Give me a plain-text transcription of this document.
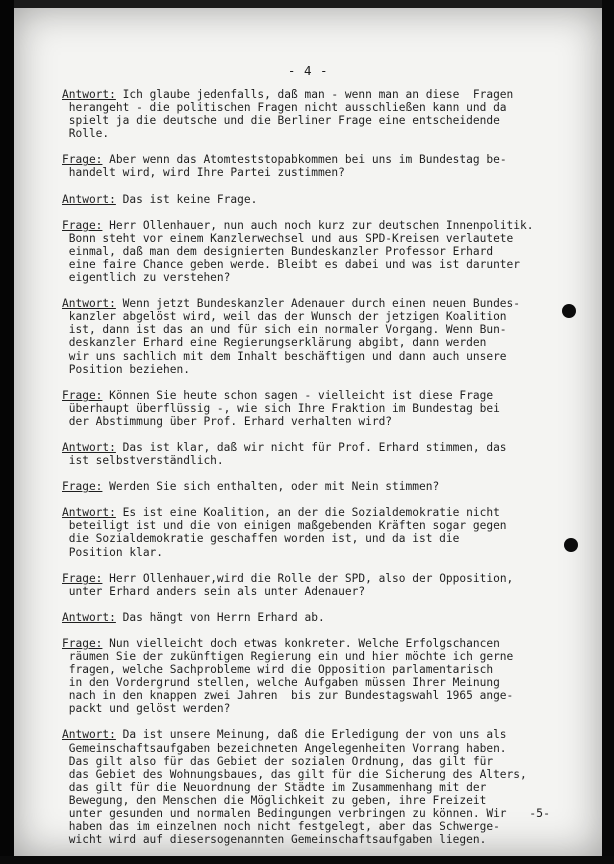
- 4 -
Antwort: Ich glaube jedenfalls, daß man - wenn man an diese  Fragen
herangeht - die politischen Fragen nicht ausschließen kann und da
spielt ja die deutsche und die Berliner Frage eine entscheidende
Rolle.
Frage: Aber wenn das Atomteststopabkommen bei uns im Bundestag be-
handelt wird, wird Ihre Partei zustimmen?
Antwort: Das ist keine Frage.
Frage: Herr Ollenhauer, nun auch noch kurz zur deutschen Innenpolitik.
Bonn steht vor einem Kanzlerwechsel und aus SPD-Kreisen verlautete
einmal, daß man dem designierten Bundeskanzler Professor Erhard
eine faire Chance geben werde. Bleibt es dabei und was ist darunter
eigentlich zu verstehen?
Antwort: Wenn jetzt Bundeskanzler Adenauer durch einen neuen Bundes-
kanzler abgelöst wird, weil das der Wunsch der jetzigen Koalition
ist, dann ist das an und für sich ein normaler Vorgang. Wenn Bun-
deskanzler Erhard eine Regierungserklärung abgibt, dann werden
wir uns sachlich mit dem Inhalt beschäftigen und dann auch unsere
Position beziehen.
Frage: Können Sie heute schon sagen - vielleicht ist diese Frage
überhaupt überflüssig -, wie sich Ihre Fraktion im Bundestag bei
der Abstimmung über Prof. Erhard verhalten wird?
Antwort: Das ist klar, daß wir nicht für Prof. Erhard stimmen, das
ist selbstverständlich.
Frage: Werden Sie sich enthalten, oder mit Nein stimmen?
Antwort: Es ist eine Koalition, an der die Sozialdemokratie nicht
beteiligt ist und die von einigen maßgebenden Kräften sogar gegen
die Sozialdemokratie geschaffen worden ist, und da ist die
Position klar.
Frage: Herr Ollenhauer,wird die Rolle der SPD, also der Opposition,
unter Erhard anders sein als unter Adenauer?
Antwort: Das hängt von Herrn Erhard ab.
Frage: Nun vielleicht doch etwas konkreter. Welche Erfolgschancen
räumen Sie der zukünftigen Regierung ein und hier möchte ich gerne
fragen, welche Sachprobleme wird die Opposition parlamentarisch
in den Vordergrund stellen, welche Aufgaben müssen Ihrer Meinung
nach in den knappen zwei Jahren  bis zur Bundestagswahl 1965 ange-
packt und gelöst werden?
Antwort: Da ist unsere Meinung, daß die Erledigung der von uns als
Gemeinschaftsaufgaben bezeichneten Angelegenheiten Vorrang haben.
Das gilt also für das Gebiet der sozialen Ordnung, das gilt für
das Gebiet des Wohnungsbaues, das gilt für die Sicherung des Alters,
das gilt für die Neuordnung der Städte im Zusammenhang mit der
Bewegung, den Menschen die Möglichkeit zu geben, ihre Freizeit
unter gesunden und normalen Bedingungen verbringen zu können. Wir
haben das im einzelnen noch nicht festgelegt, aber das Schwerge-
wicht wird auf diesersogenannten Gemeinschaftsaufgaben liegen.
-5-
